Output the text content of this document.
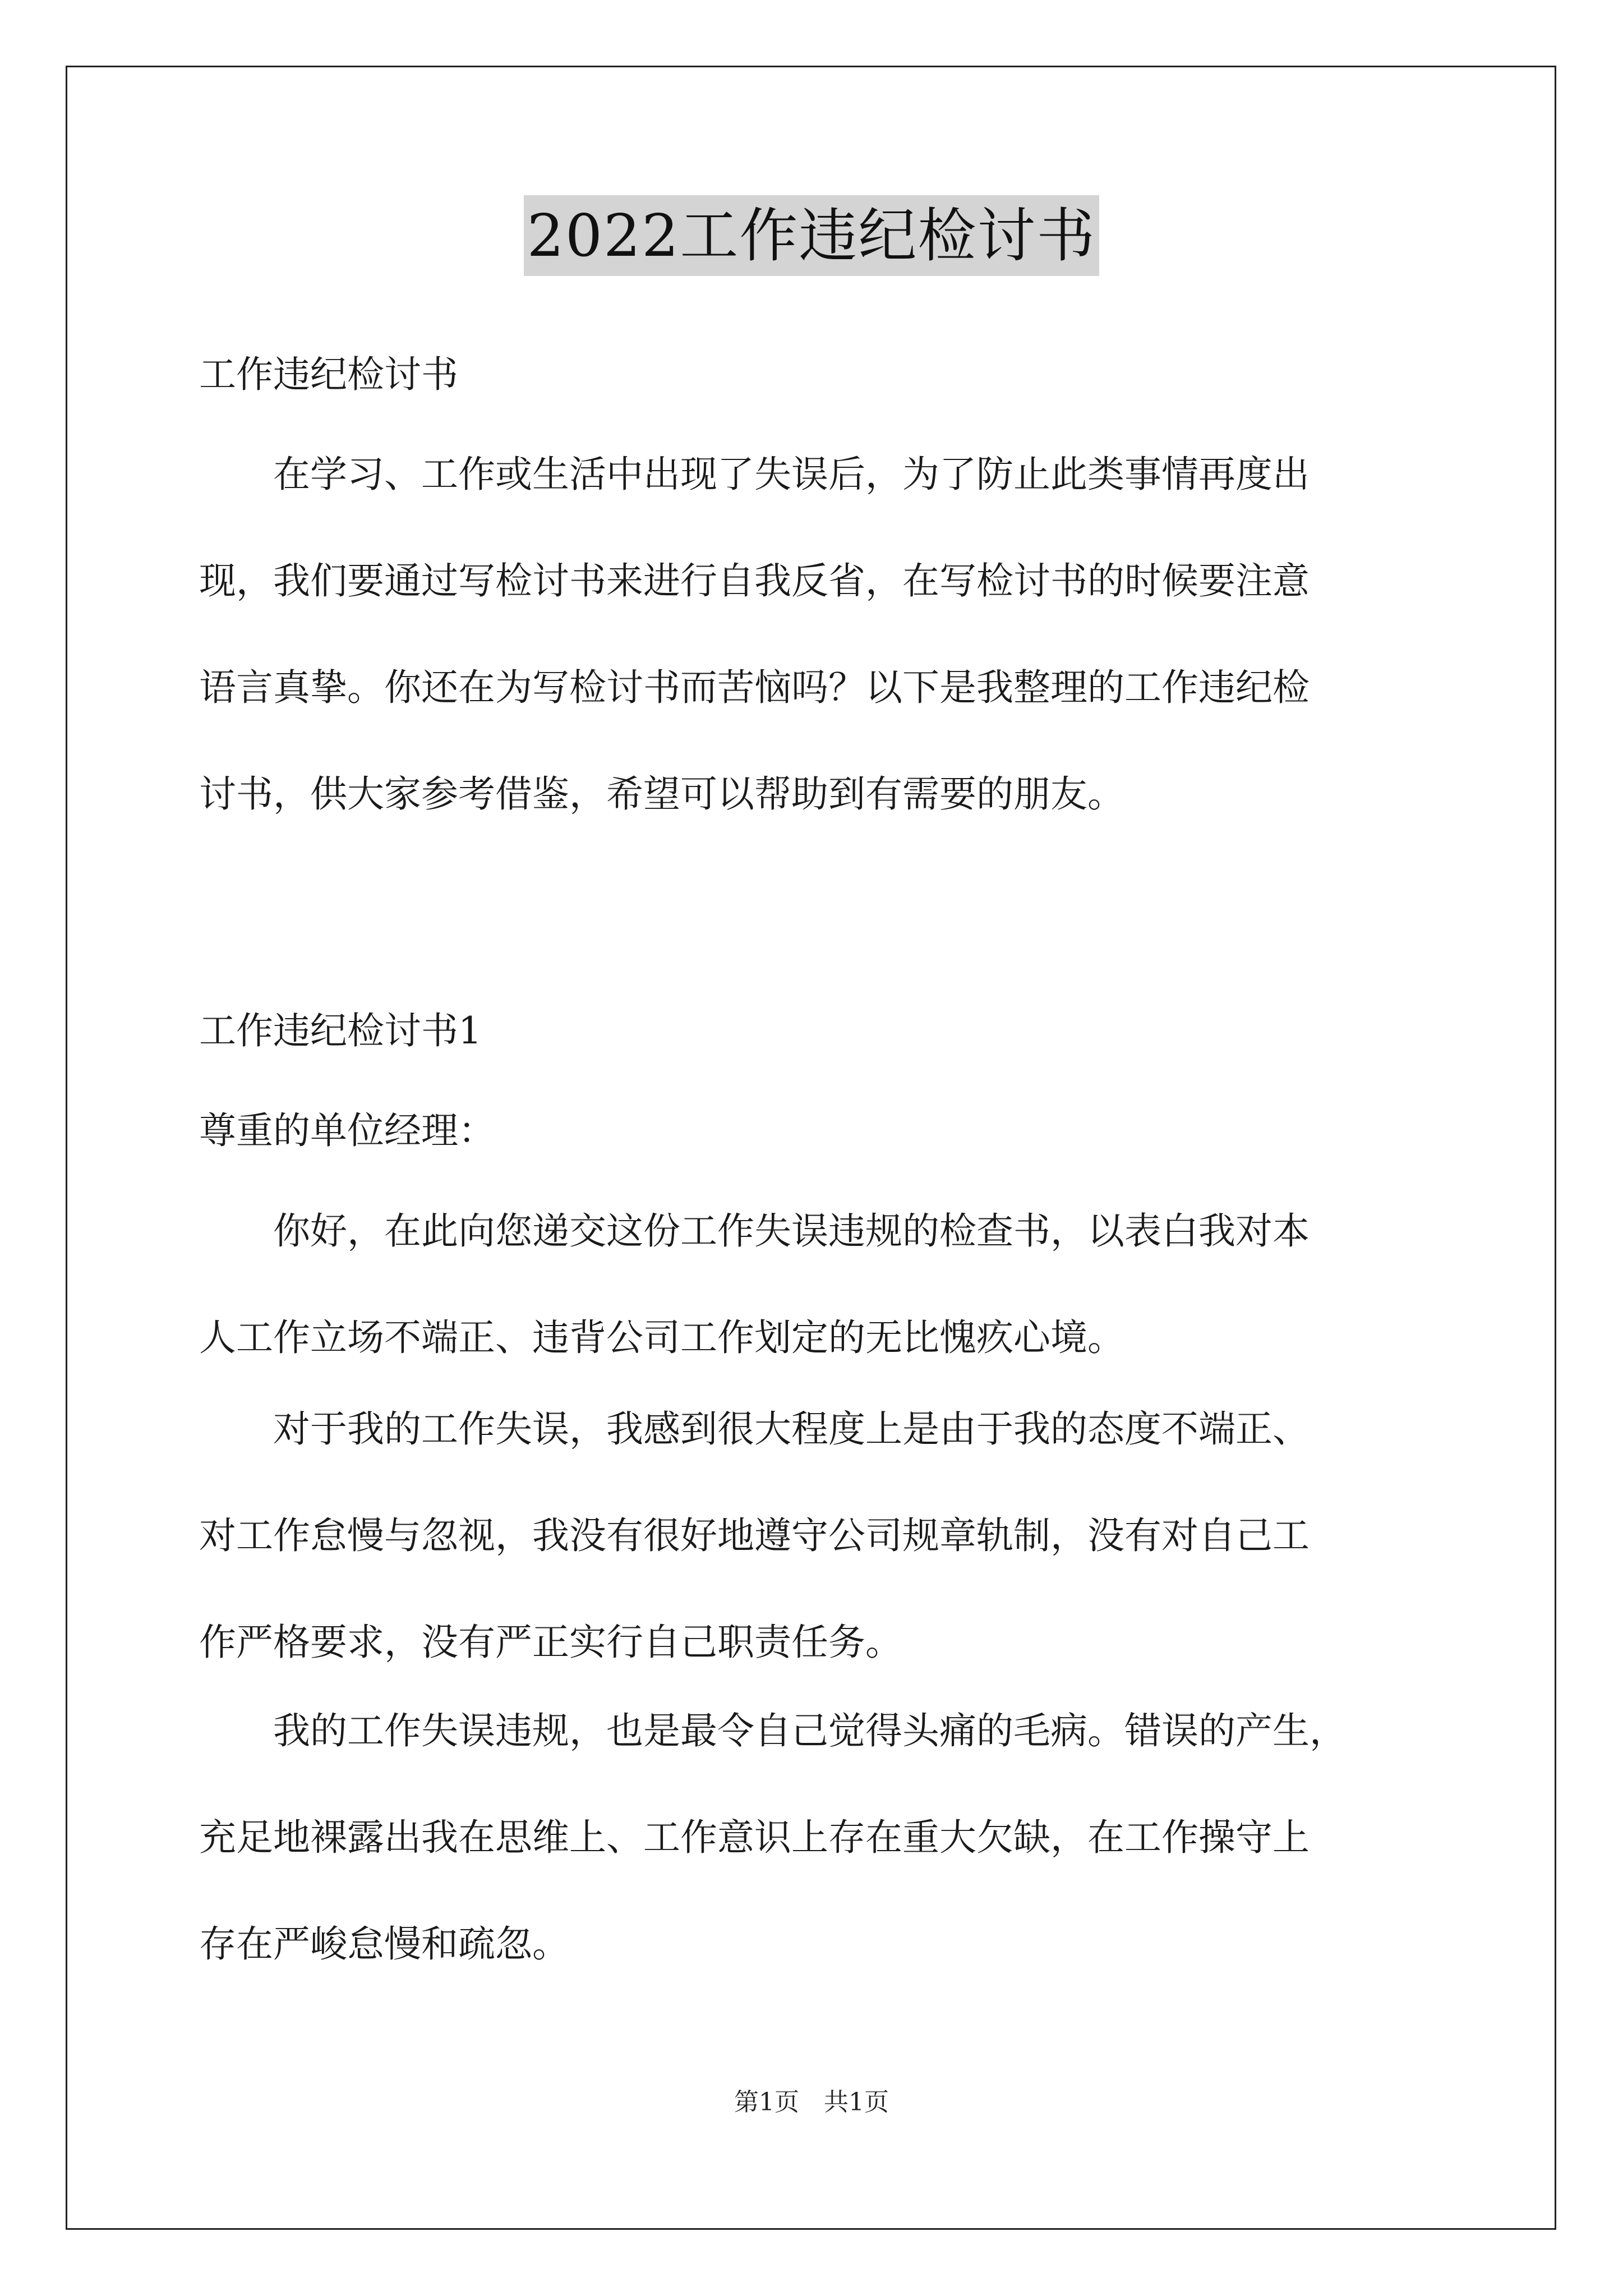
2022工作违纪检讨书
工作违纪检讨书
　　在学习、工作或生活中出现了失误后，为了防止此类事情再度出
现，我们要通过写检讨书来进行自我反省，在写检讨书的时候要注意
语言真挚。你还在为写检讨书而苦恼吗？以下是我整理的工作违纪检
讨书，供大家参考借鉴，希望可以帮助到有需要的朋友。
工作违纪检讨书1
尊重的单位经理：
　　你好，在此向您递交这份工作失误违规的检查书，以表白我对本
人工作立场不端正、违背公司工作划定的无比愧疚心境。
　　对于我的工作失误，我感到很大程度上是由于我的态度不端正、
对工作怠慢与忽视，我没有很好地遵守公司规章轨制，没有对自己工
作严格要求，没有严正实行自己职责任务。
　　我的工作失误违规，也是最令自己觉得头痛的毛病。错误的产生，
充足地裸露出我在思维上、工作意识上存在重大欠缺，在工作操守上
存在严峻怠慢和疏忽。
第1页　共1页
